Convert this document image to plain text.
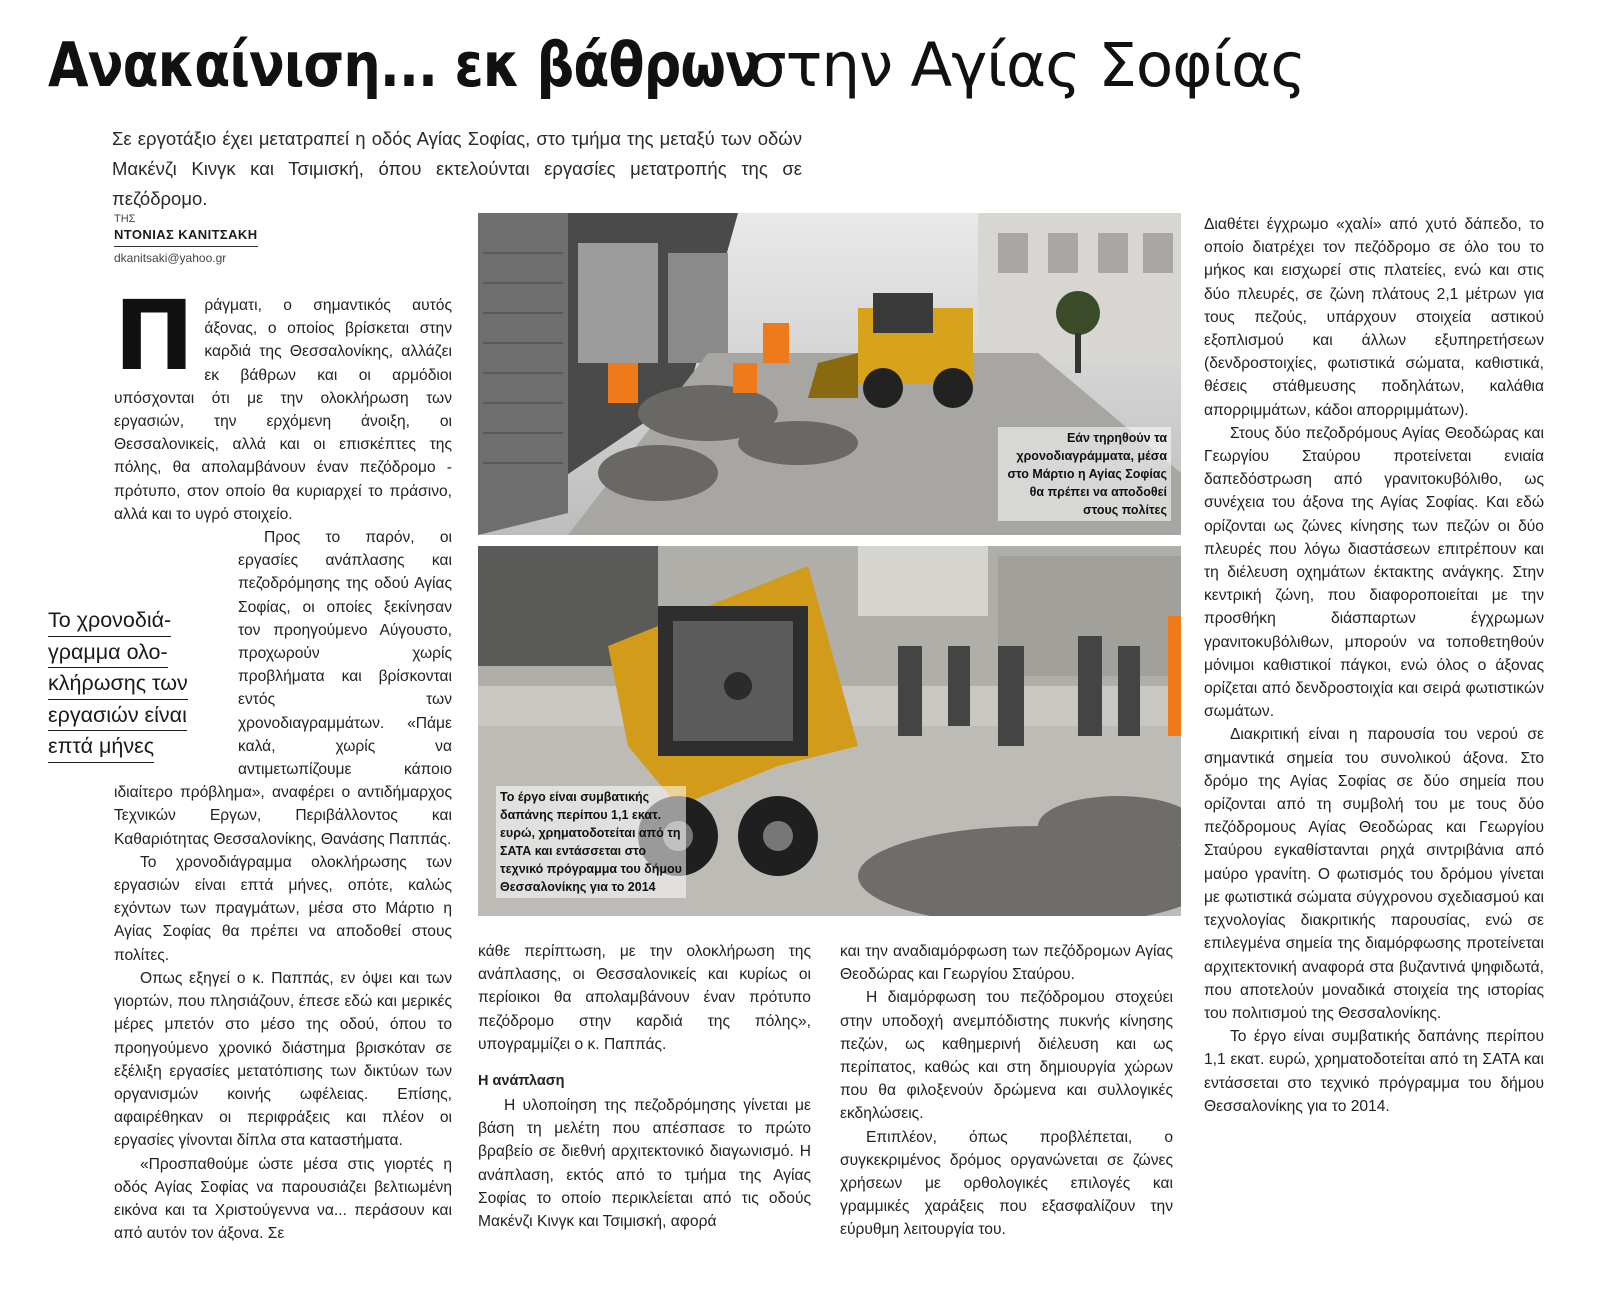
Ανακαίνιση... εκ βάθρωνστην Αγίας Σοφίας
Σε εργοτάξιο έχει μετατραπεί η οδός Αγίας Σοφίας, στο τμήμα της μεταξύ των οδών Μακένζι Κινγκ και Τσιμισκή, όπου εκτελούνται εργασίες μετατροπής της σε πεζόδρομο.
ΤΗΣ
ΝΤΟΝΙΑΣ ΚΑΝΙΤΣΑΚΗ
dkanitsaki@yahoo.gr
Π ράγματι, ο σημαντικός αυτός άξονας, ο οποίος βρίσκεται στην καρδιά της Θεσσαλονίκης, αλλάζει εκ βάθρων και οι αρμόδιοι υπόσχονται ότι με την ολοκλήρωση των εργασιών, την ερχόμενη άνοιξη, οι Θεσσαλονικείς, αλλά και οι επισκέπτες της πόλης, θα απολαμβάνουν έναν πεζόδρομο - πρότυπο, στον οποίο θα κυριαρχεί το πράσινο, αλλά και το υγρό στοιχείο.

Προς το παρόν, οι εργασίες ανάπλασης και πεζοδρόμησης της οδού Αγίας Σοφίας, οι οποίες ξεκίνησαν τον προηγούμενο Αύγουστο, προχωρούν χωρίς προβλήματα και βρίσκονται εντός των χρονοδιαγραμμάτων. «Πάμε καλά, χωρίς να αντιμετωπίζουμε κάποιο ιδιαίτερο πρόβλημα», αναφέρει ο αντιδήμαρχος Τεχνικών Εργων, Περιβάλλοντος και Καθαριότητας Θεσσαλονίκης, Θανάσης Παππάς.

Το χρονοδιάγραμμα ολοκλήρωσης των εργασιών είναι επτά μήνες, οπότε, καλώς εχόντων των πραγμάτων, μέσα στο Μάρτιο η Αγίας Σοφίας θα πρέπει να αποδοθεί στους πολίτες.

Οπως εξηγεί ο κ. Παππάς, εν όψει και των γιορτών, που πλησιάζουν, έπεσε εδώ και μερικές μέρες μπετόν στο μέσο της οδού, όπου το προηγούμενο χρονικό διάστημα βρισκόταν σε εξέλιξη εργασίες μετατόπισης των δικτύων των οργανισμών κοινής ωφέλειας. Επίσης, αφαιρέθηκαν οι περιφράξεις και πλέον οι εργασίες γίνονται δίπλα στα καταστήματα.

«Προσπαθούμε ώστε μέσα στις γιορτές η οδός Αγίας Σοφίας να παρουσιάζει βελτιωμένη εικόνα και τα Χριστούγεννα να... περάσουν και από αυτόν τον άξονα. Σε

Το χρονοδιά-
γραμμα ολο-
κλήρωσης των
εργασιών είναι
επτά μήνες
Εάν τηρηθούν τα χρονοδιαγράμματα, μέσα στο Μάρτιο η Αγίας Σοφίας θα πρέπει να αποδοθεί στους πολίτες
Το έργο είναι συμβατικής δαπάνης περίπου 1,1 εκατ. ευρώ, χρηματοδοτείται από τη ΣΑΤΑ και εντάσσεται στο τεχνικό πρόγραμμα του δήμου Θεσσαλονίκης για το 2014

κάθε περίπτωση, με την ολοκλήρωση της ανάπλασης, οι Θεσσαλονικείς και κυρίως οι περίοικοι θα απολαμβάνουν έναν πρότυπο πεζόδρομο στην καρδιά της πόλης», υπογραμμίζει ο κ. Παππάς.

Η ανάπλαση

Η υλοποίηση της πεζοδρόμησης γίνεται με βάση τη μελέτη που απέσπασε το πρώτο βραβείο σε διεθνή αρχιτεκτονικό διαγωνισμό. Η ανάπλαση, εκτός από το τμήμα της Αγίας Σοφίας το οποίο περικλείεται από τις οδούς Μακένζι Κινγκ και Τσιμισκή, αφορά

και την αναδιαμόρφωση των πεζόδρομων Αγίας Θεοδώρας και Γεωργίου Σταύρου.

Η διαμόρφωση του πεζόδρομου στοχεύει στην υποδοχή ανεμπόδιστης πυκνής κίνησης πεζών, ως καθημερινή διέλευση και ως περίπατος, καθώς και στη δημιουργία χώρων που θα φιλοξενούν δρώμενα και συλλογικές εκδηλώσεις.

Επιπλέον, όπως προβλέπεται, ο συγκεκριμένος δρόμος οργανώνεται σε ζώνες χρήσεων με ορθολογικές επιλογές και γραμμικές χαράξεις που εξασφαλίζουν την εύρυθμη λειτουργία του.

Διαθέτει έγχρωμο «χαλί» από χυτό δάπεδο, το οποίο διατρέχει τον πεζόδρομο σε όλο του το μήκος και εισχωρεί στις πλατείες, ενώ και στις δύο πλευρές, σε ζώνη πλάτους 2,1 μέτρων για τους πεζούς, υπάρχουν στοιχεία αστικού εξοπλισμού και άλλων εξυπηρετήσεων (δενδροστοιχίες, φωτιστικά σώματα, καθιστικά, θέσεις στάθμευσης ποδηλάτων, καλάθια απορριμμάτων, κάδοι απορριμμάτων).

Στους δύο πεζοδρόμους Αγίας Θεοδώρας και Γεωργίου Σταύρου προτείνεται ενιαία δαπεδόστρωση από γρανιτοκυβόλιθο, ως συνέχεια του άξονα της Αγίας Σοφίας. Και εδώ ορίζονται ως ζώνες κίνησης των πεζών οι δύο πλευρές που λόγω διαστάσεων επιτρέπουν και τη διέλευση οχημάτων έκτακτης ανάγκης. Στην κεντρική ζώνη, που διαφοροποιείται με την προσθήκη διάσπαρτων έγχρωμων γρανιτοκυβόλιθων, μπορούν να τοποθετηθούν μόνιμοι καθιστικοί πάγκοι, ενώ όλος ο άξονας ορίζεται από δενδροστοιχία και σειρά φωτιστικών σωμάτων.

Διακριτική είναι η παρουσία του νερού σε σημαντικά σημεία του συνολικού άξονα. Στο δρόμο της Αγίας Σοφίας σε δύο σημεία που ορίζονται από τη συμβολή του με τους δύο πεζόδρομους Αγίας Θεοδώρας και Γεωργίου Σταύρου εγκαθίστανται ρηχά σιντριβάνια από μαύρο γρανίτη. Ο φωτισμός του δρόμου γίνεται με φωτιστικά σώματα σύγχρονου σχεδιασμού και τεχνολογίας διακριτικής παρουσίας, ενώ σε επιλεγμένα σημεία της διαμόρφωσης προτείνεται αρχιτεκτονική αναφορά στα βυζαντινά ψηφιδωτά, που αποτελούν μοναδικά στοιχεία της ιστορίας του πολιτισμού της Θεσσαλονίκης.

Το έργο είναι συμβατικής δαπάνης περίπου 1,1 εκατ. ευρώ, χρηματοδοτείται από τη ΣΑΤΑ και εντάσσεται στο τεχνικό πρόγραμμα του δήμου Θεσσαλονίκης για το 2014.
